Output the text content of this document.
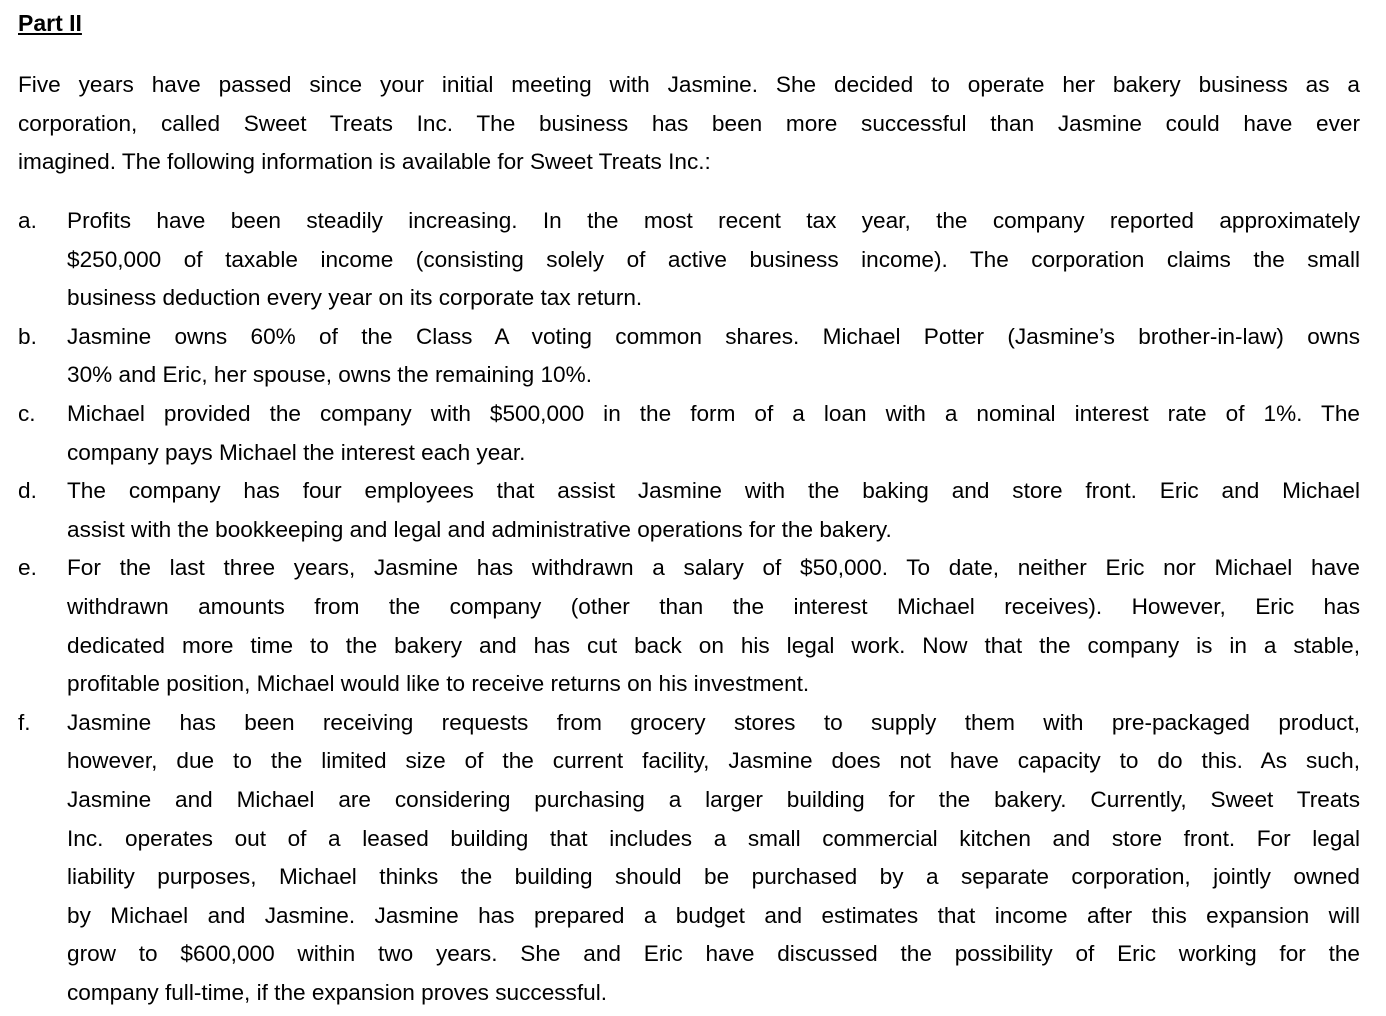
Part II
Five years have passed since your initial meeting with Jasmine. She decided to operate her bakery business as a
corporation, called Sweet Treats Inc. The business has been more successful than Jasmine could have ever
imagined. The following information is available for Sweet Treats Inc.:
a. Profits have been steadily increasing. In the most recent tax year, the company reported approximately
$250,000 of taxable income (consisting solely of active business income). The corporation claims the small
business deduction every year on its corporate tax return.
b. Jasmine owns 60% of the Class A voting common shares. Michael Potter (Jasmine’s brother-in-law) owns
30% and Eric, her spouse, owns the remaining 10%.
c. Michael provided the company with $500,000 in the form of a loan with a nominal interest rate of 1%. The
company pays Michael the interest each year.
d. The company has four employees that assist Jasmine with the baking and store front. Eric and Michael
assist with the bookkeeping and legal and administrative operations for the bakery.
e. For the last three years, Jasmine has withdrawn a salary of $50,000. To date, neither Eric nor Michael have
withdrawn amounts from the company (other than the interest Michael receives). However, Eric has
dedicated more time to the bakery and has cut back on his legal work. Now that the company is in a stable,
profitable position, Michael would like to receive returns on his investment.
f. Jasmine has been receiving requests from grocery stores to supply them with pre-packaged product,
however, due to the limited size of the current facility, Jasmine does not have capacity to do this. As such,
Jasmine and Michael are considering purchasing a larger building for the bakery. Currently, Sweet Treats
Inc. operates out of a leased building that includes a small commercial kitchen and store front. For legal
liability purposes, Michael thinks the building should be purchased by a separate corporation, jointly owned
by Michael and Jasmine. Jasmine has prepared a budget and estimates that income after this expansion will
grow to $600,000 within two years. She and Eric have discussed the possibility of Eric working for the
company full-time, if the expansion proves successful.
